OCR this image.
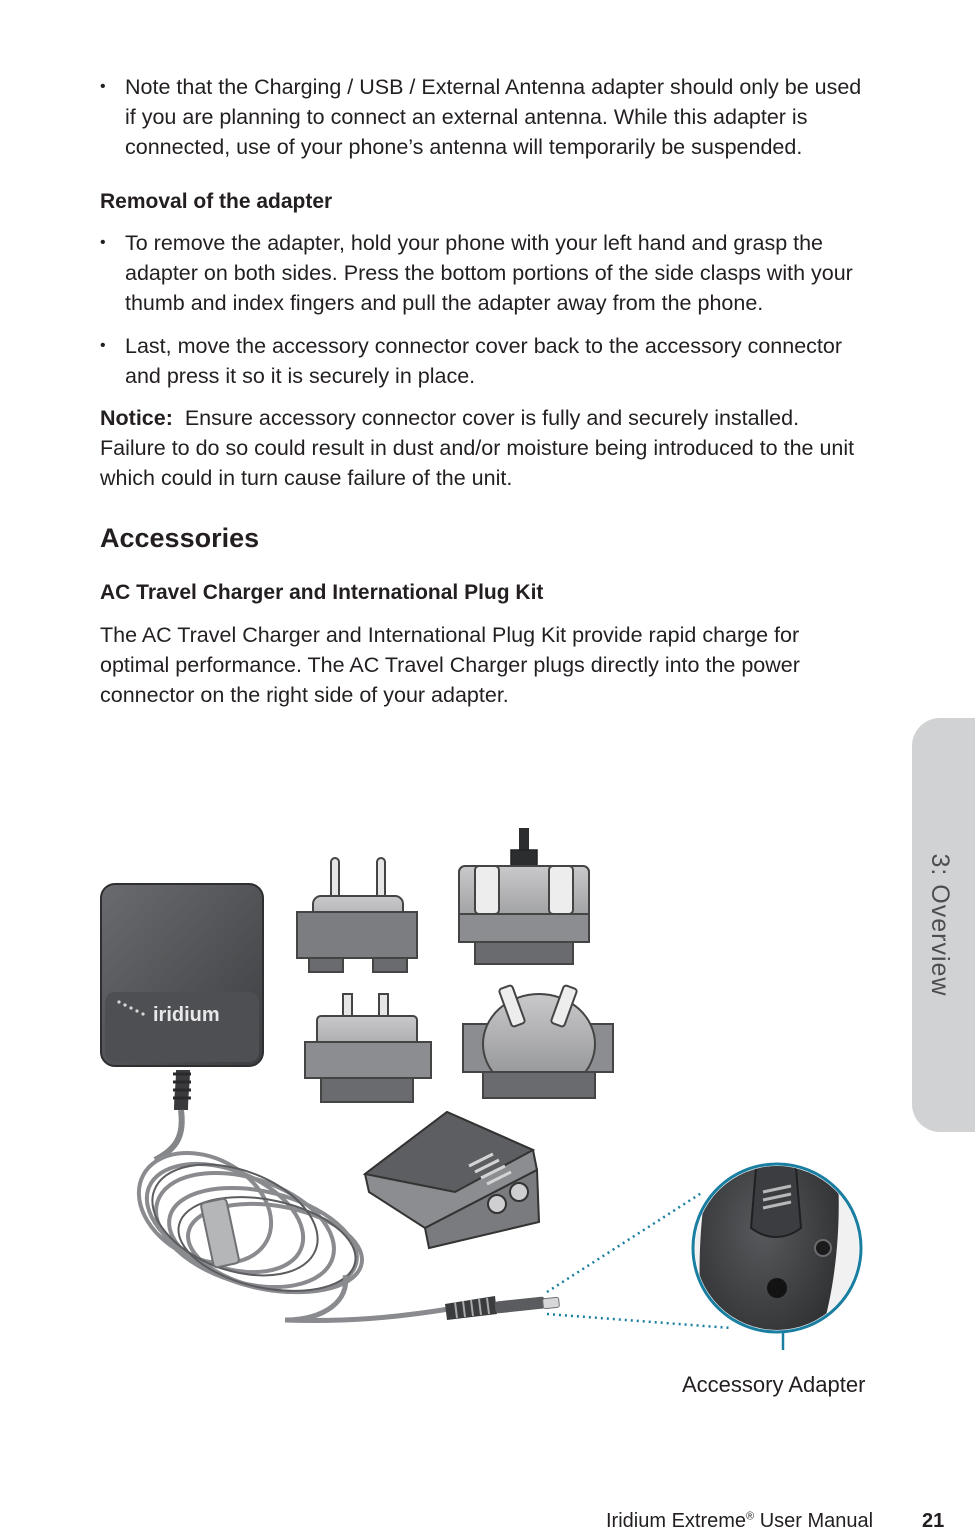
• Note that the Charging / USB / External Antenna adapter should only be used if you are planning to connect an external antenna. While this adapter is connected, use of your phone’s antenna will temporarily be suspended.

Removal of the adapter

• To remove the adapter, hold your phone with your left hand and grasp the adapter on both sides. Press the bottom portions of the side clasps with your thumb and index fingers and pull the adapter away from the phone.

• Last, move the accessory connector cover back to the accessory connector and press it so it is securely in place.

Notice: Ensure accessory connector cover is fully and securely installed. Failure to do so could result in dust and/or moisture being introduced to the unit which could in turn cause failure of the unit.

Accessories
AC Travel Charger and International Plug Kit

The AC Travel Charger and International Plug Kit provide rapid charge for optimal performance. The AC Travel Charger plugs directly into the power connector on the right side of your adapter.

3: Overview
iridium
Accessory Adapter
Iridium Extreme® User Manual 21
